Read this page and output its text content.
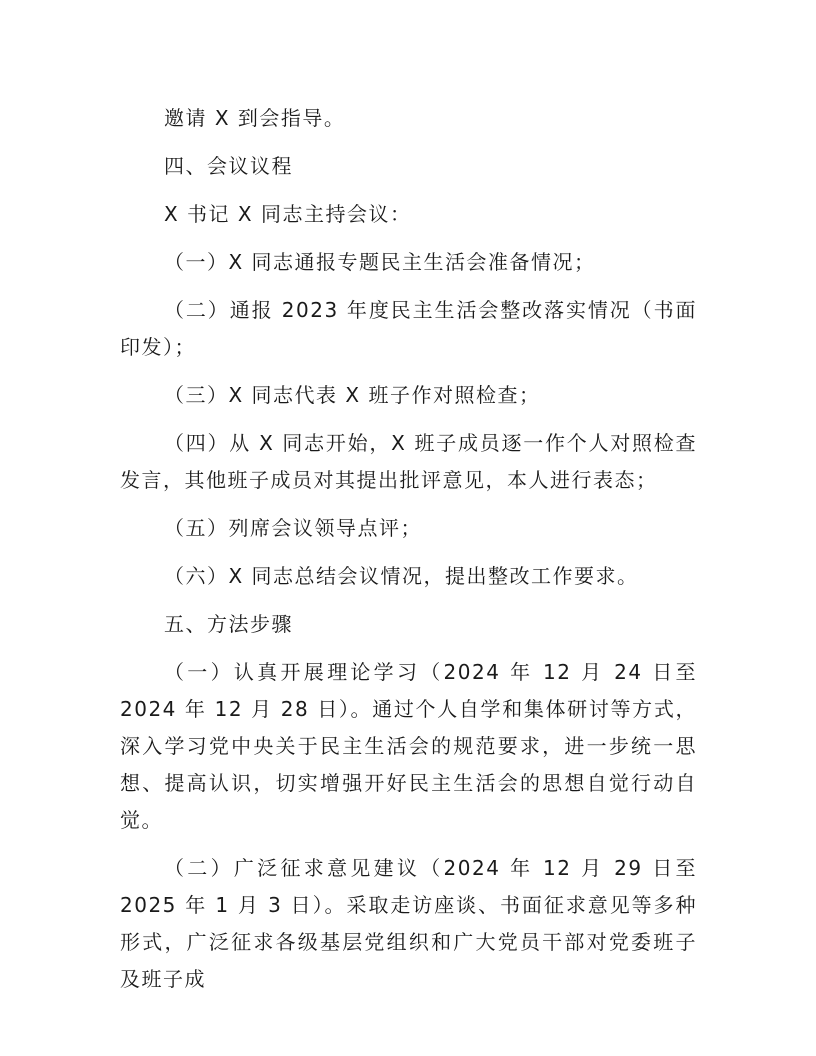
邀请 X 到会指导。

四、会议议程

X 书记 X 同志主持会议：

（一）X 同志通报专题民主生活会准备情况；

（二）通报 2023 年度民主生活会整改落实情况（书面印发）；

（三）X 同志代表 X 班子作对照检查；

（四）从 X 同志开始，X 班子成员逐一作个人对照检查发言，其他班子成员对其提出批评意见，本人进行表态；

（五）列席会议领导点评；

（六）X 同志总结会议情况，提出整改工作要求。

五、方法步骤

（一）认真开展理论学习（2024 年 12 月 24 日至 2024 年 12 月 28 日）。通过个人自学和集体研讨等方式，深入学习党中央关于民主生活会的规范要求，进一步统一思想、提高认识，切实增强开好民主生活会的思想自觉行动自觉。

（二）广泛征求意见建议（2024 年 12 月 29 日至 2025 年 1 月 3 日）。采取走访座谈、书面征求意见等多种形式，广泛征求各级基层党组织和广大党员干部对党委班子及班子成
